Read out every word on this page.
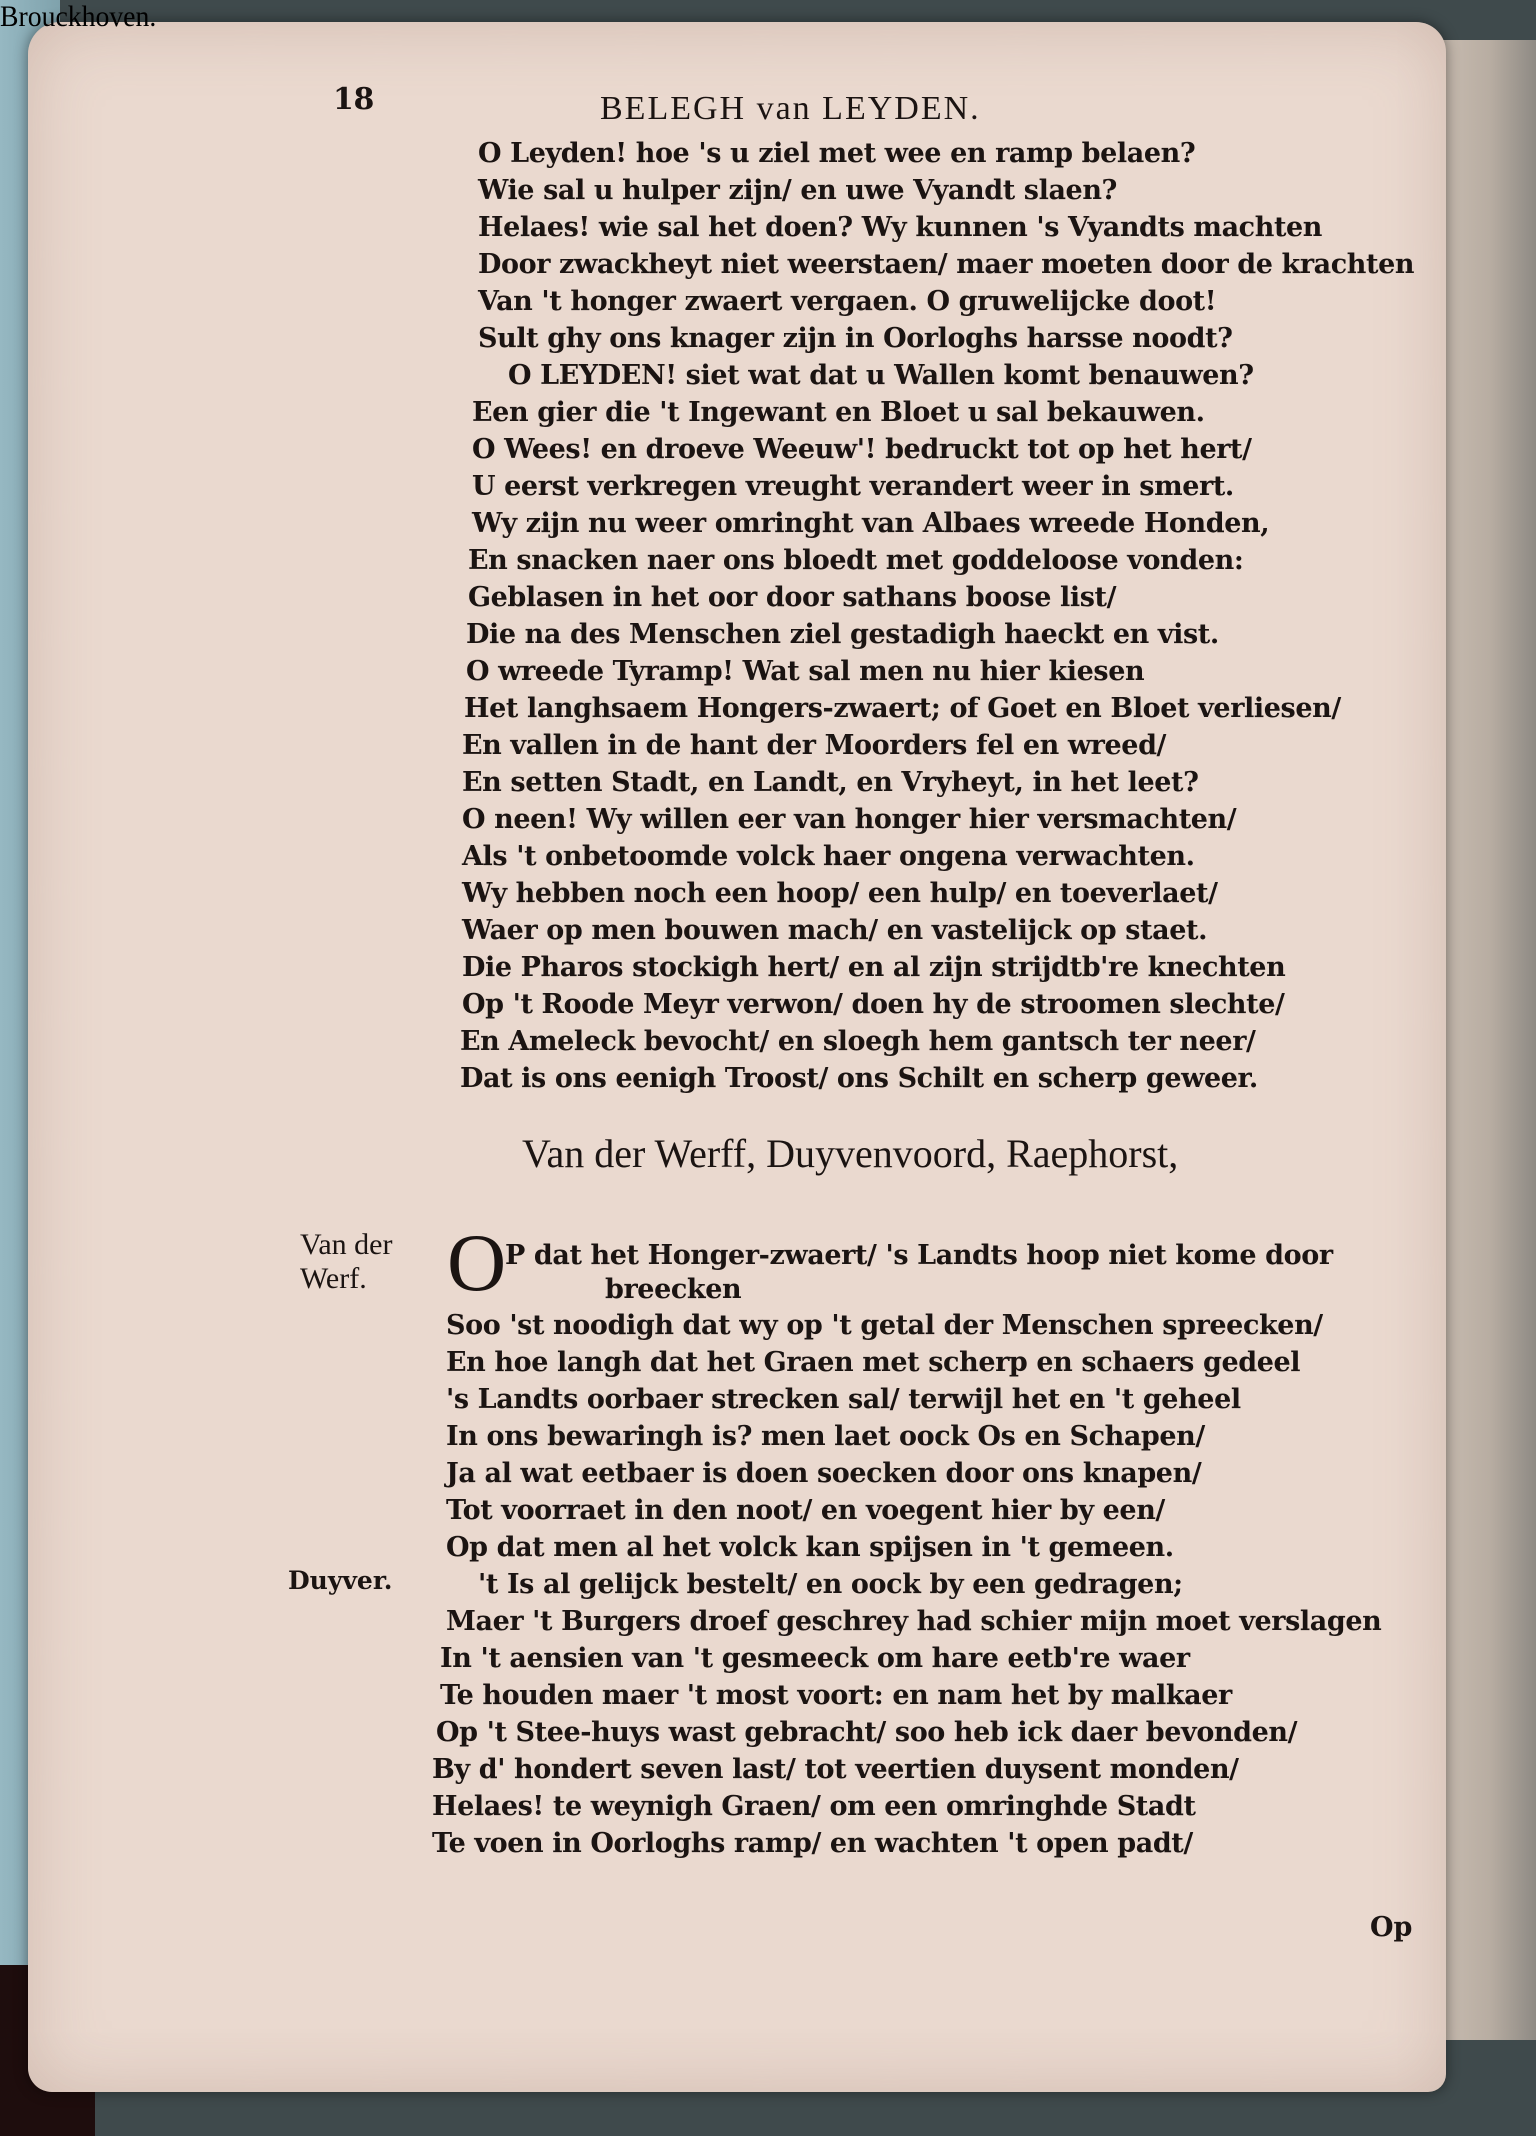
18	BELEGH van LEYDEN.
O Leyden! hoe 's u ziel met wee en ramp belaen?
Wie sal u hulper zijn/ en uwe Vyandt slaen?
Helaes! wie sal het doen? Wy kunnen 's Vyandts machten
Door zwackheyt niet weerstaen/ maer moeten door de krachten
Van 't honger zwaert vergaen. O gruwelijcke doot!
Sult ghy ons knager zijn in Oorloghs harsse noodt?
O LEYDEN! siet wat dat u Wallen komt benauwen?
Een gier die 't Ingewant en Bloet u sal bekauwen.
O Wees! en droeve Weeuw'! bedruckt tot op het hert/
U eerst verkregen vreught verandert weer in smert.
Wy zijn nu weer omringht van Albaes wreede Honden,
En snacken naer ons bloedt met goddeloose vonden:
Geblasen in het oor door sathans boose list/
Die na des Menschen ziel gestadigh haeckt en vist.
O wreede Tyramp! Wat sal men nu hier kiesen
Het langhsaem Hongers-zwaert; of Goet en Bloet verliesen/
En vallen in de hant der Moorders fel en wreed/
En setten Stadt, en Landt, en Vryheyt, in het leet?
O neen! Wy willen eer van honger hier versmachten/
Als 't onbetoomde volck haer ongena verwachten.
Wy hebben noch een hoop/ een hulp/ en toeverlaet/
Waer op men bouwen mach/ en vastelijck op staet.
Die Pharos stockigh hert/ en al zijn strijdtb're knechten
Op 't Roode Meyr verwon/ doen hy de stroomen slechte/
En Ameleck bevocht/ en sloegh hem gantsch ter neer/
Dat is ons eenigh Troost/ ons Schilt en scherp geweer.
Van der Werff, Duyvenvoord, Raephorst,
Brouckhoven.
Van der
Werf. O
P dat het Honger-zwaert/ 's Landts hoop niet kome door
breecken
Soo 'st noodigh dat wy op 't getal der Menschen spreecken/
En hoe langh dat het Graen met scherp en schaers gedeel
's Landts oorbaer strecken sal/ terwijl het en 't geheel
In ons bewaringh is? men laet oock Os en Schapen/
Ja al wat eetbaer is doen soecken door ons knapen/
Tot voorraet in den noot/ en voegent hier by een/
Op dat men al het volck kan spijsen in 't gemeen.
Duyver.	't Is al gelijck bestelt/ en oock by een gedragen;
Maer 't Burgers droef geschrey had schier mijn moet verslagen
In 't aensien van 't gesmeeck om hare eetb're waer
Te houden maer 't most voort: en nam het by malkaer
Op 't Stee-huys wast gebracht/ soo heb ick daer bevonden/
By d' hondert seven last/ tot veertien duysent monden/
Helaes! te weynigh Graen/ om een omringhde Stadt
Te voen in Oorloghs ramp/ en wachten 't open padt/
Op
